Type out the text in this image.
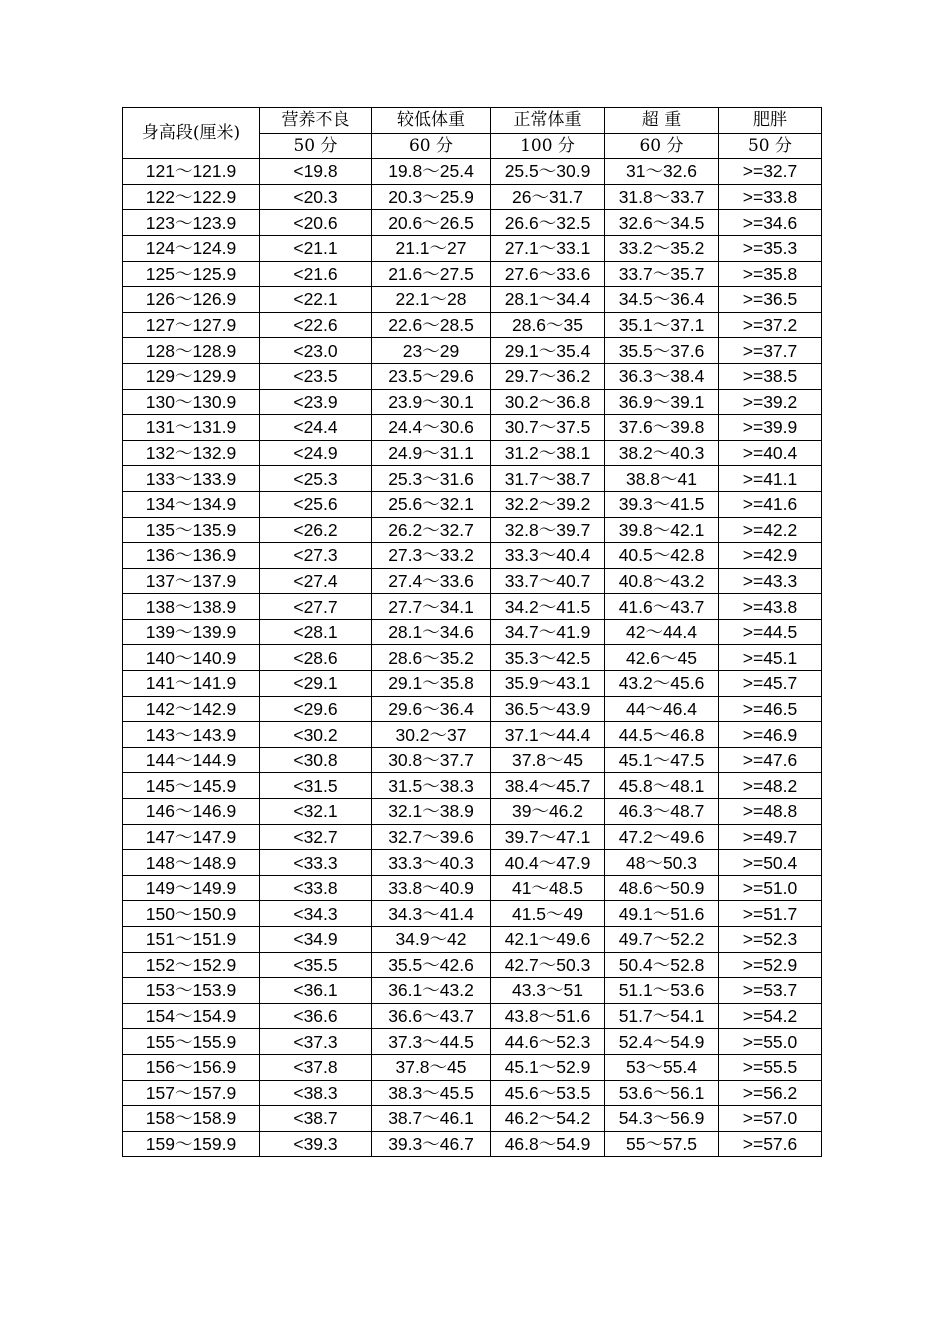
身高段(厘米)	营养不良	较低体重	正常体重	超 重	肥胖
	50 分	60 分	100 分	60 分	50 分
121～121.9	<19.8	19.8～25.4	25.5～30.9	31～32.6	>=32.7
122～122.9	<20.3	20.3～25.9	26～31.7	31.8～33.7	>=33.8
123～123.9	<20.6	20.6～26.5	26.6～32.5	32.6～34.5	>=34.6
124～124.9	<21.1	21.1～27	27.1～33.1	33.2～35.2	>=35.3
125～125.9	<21.6	21.6～27.5	27.6～33.6	33.7～35.7	>=35.8
126～126.9	<22.1	22.1～28	28.1～34.4	34.5～36.4	>=36.5
127～127.9	<22.6	22.6～28.5	28.6～35	35.1～37.1	>=37.2
128～128.9	<23.0	23～29	29.1～35.4	35.5～37.6	>=37.7
129～129.9	<23.5	23.5～29.6	29.7～36.2	36.3～38.4	>=38.5
130～130.9	<23.9	23.9～30.1	30.2～36.8	36.9～39.1	>=39.2
131～131.9	<24.4	24.4～30.6	30.7～37.5	37.6～39.8	>=39.9
132～132.9	<24.9	24.9～31.1	31.2～38.1	38.2～40.3	>=40.4
133～133.9	<25.3	25.3～31.6	31.7～38.7	38.8～41	>=41.1
134～134.9	<25.6	25.6～32.1	32.2～39.2	39.3～41.5	>=41.6
135～135.9	<26.2	26.2～32.7	32.8～39.7	39.8～42.1	>=42.2
136～136.9	<27.3	27.3～33.2	33.3～40.4	40.5～42.8	>=42.9
137～137.9	<27.4	27.4～33.6	33.7～40.7	40.8～43.2	>=43.3
138～138.9	<27.7	27.7～34.1	34.2～41.5	41.6～43.7	>=43.8
139～139.9	<28.1	28.1～34.6	34.7～41.9	42～44.4	>=44.5
140～140.9	<28.6	28.6～35.2	35.3～42.5	42.6～45	>=45.1
141～141.9	<29.1	29.1～35.8	35.9～43.1	43.2～45.6	>=45.7
142～142.9	<29.6	29.6～36.4	36.5～43.9	44～46.4	>=46.5
143～143.9	<30.2	30.2～37	37.1～44.4	44.5～46.8	>=46.9
144～144.9	<30.8	30.8～37.7	37.8～45	45.1～47.5	>=47.6
145～145.9	<31.5	31.5～38.3	38.4～45.7	45.8～48.1	>=48.2
146～146.9	<32.1	32.1～38.9	39～46.2	46.3～48.7	>=48.8
147～147.9	<32.7	32.7～39.6	39.7～47.1	47.2～49.6	>=49.7
148～148.9	<33.3	33.3～40.3	40.4～47.9	48～50.3	>=50.4
149～149.9	<33.8	33.8～40.9	41～48.5	48.6～50.9	>=51.0
150～150.9	<34.3	34.3～41.4	41.5～49	49.1～51.6	>=51.7
151～151.9	<34.9	34.9～42	42.1～49.6	49.7～52.2	>=52.3
152～152.9	<35.5	35.5～42.6	42.7～50.3	50.4～52.8	>=52.9
153～153.9	<36.1	36.1～43.2	43.3～51	51.1～53.6	>=53.7
154～154.9	<36.6	36.6～43.7	43.8～51.6	51.7～54.1	>=54.2
155～155.9	<37.3	37.3～44.5	44.6～52.3	52.4～54.9	>=55.0
156～156.9	<37.8	37.8～45	45.1～52.9	53～55.4	>=55.5
157～157.9	<38.3	38.3～45.5	45.6～53.5	53.6～56.1	>=56.2
158～158.9	<38.7	38.7～46.1	46.2～54.2	54.3～56.9	>=57.0
159～159.9	<39.3	39.3～46.7	46.8～54.9	55～57.5	>=57.6
